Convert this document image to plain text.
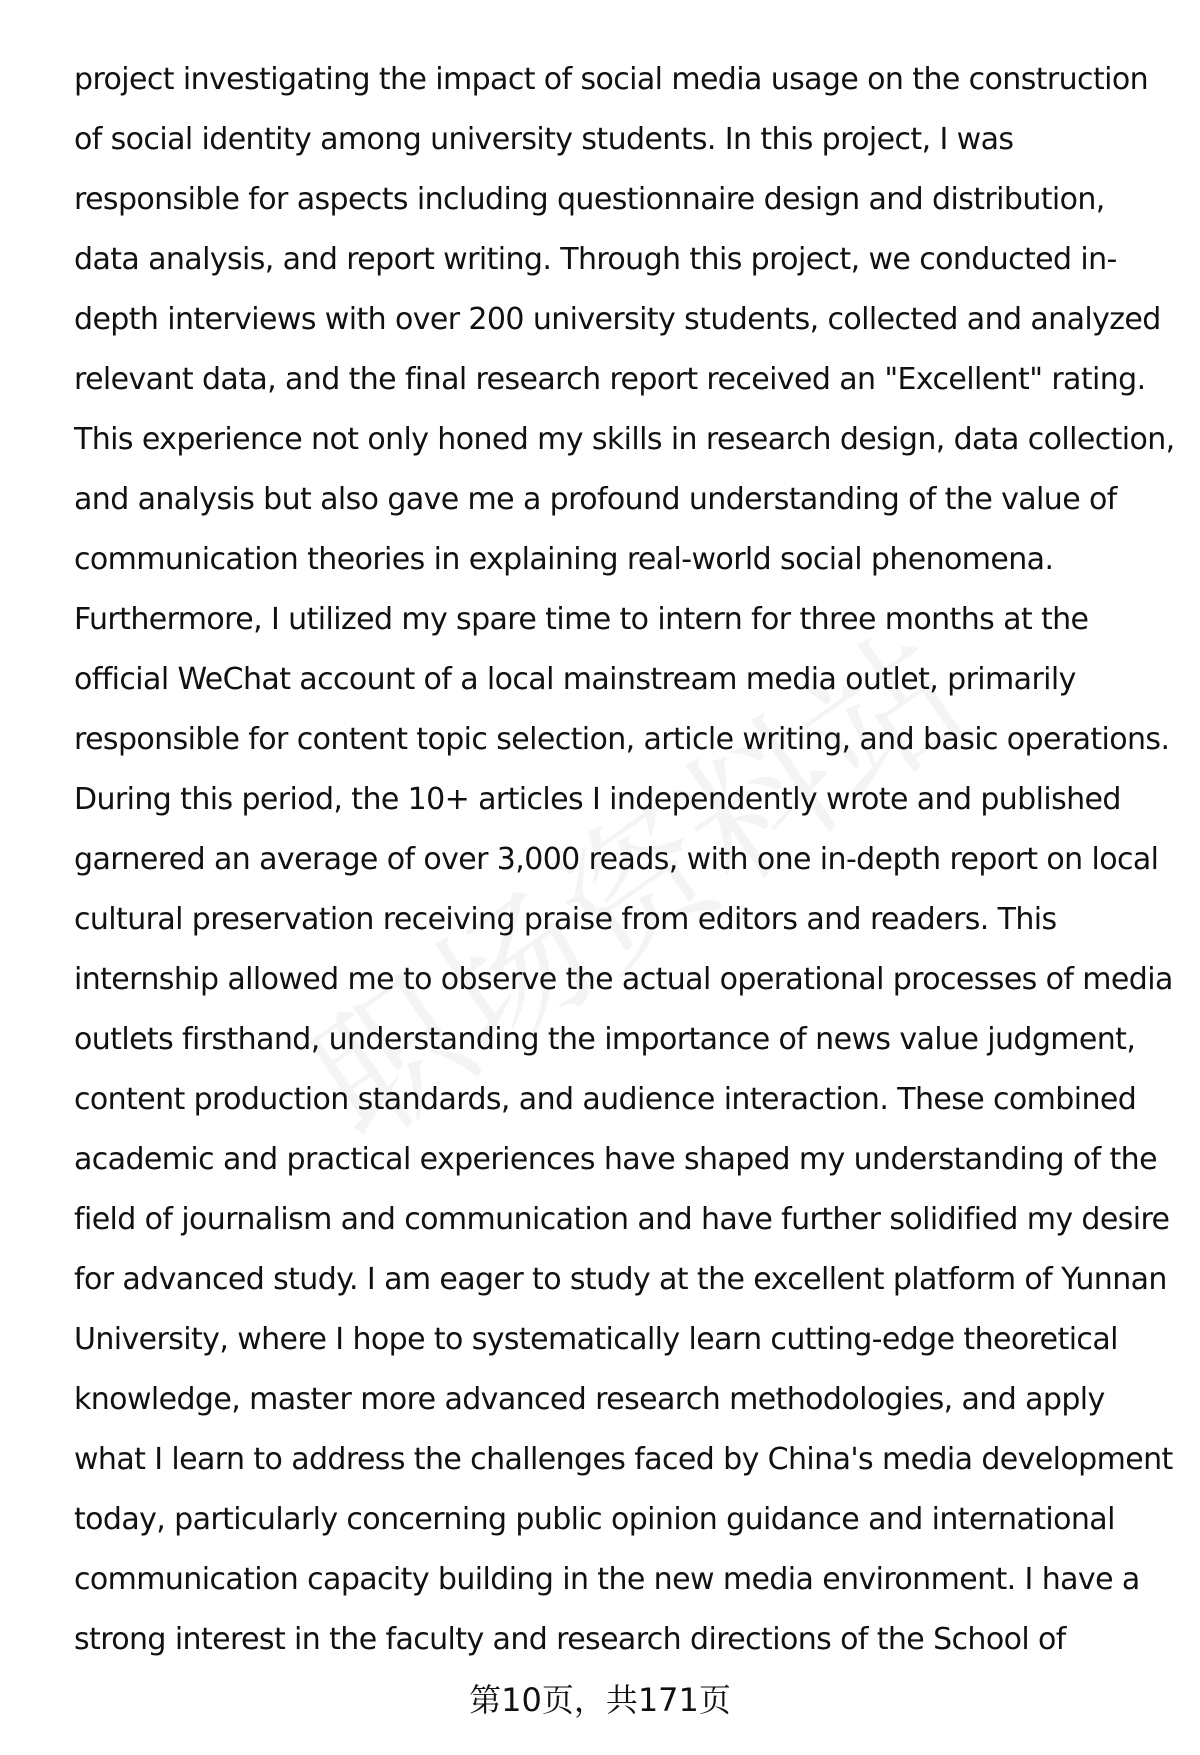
project investigating the impact of social media usage on the construction
of social identity among university students. In this project, I was
responsible for aspects including questionnaire design and distribution,
data analysis, and report writing. Through this project, we conducted in-
depth interviews with over 200 university students, collected and analyzed
relevant data, and the final research report received an "Excellent" rating.
This experience not only honed my skills in research design, data collection,
and analysis but also gave me a profound understanding of the value of
communication theories in explaining real-world social phenomena.
Furthermore, I utilized my spare time to intern for three months at the
official WeChat account of a local mainstream media outlet, primarily
responsible for content topic selection, article writing, and basic operations.
During this period, the 10+ articles I independently wrote and published
garnered an average of over 3,000 reads, with one in-depth report on local
cultural preservation receiving praise from editors and readers. This
internship allowed me to observe the actual operational processes of media
outlets firsthand, understanding the importance of news value judgment,
content production standards, and audience interaction. These combined
academic and practical experiences have shaped my understanding of the
field of journalism and communication and have further solidified my desire
for advanced study. I am eager to study at the excellent platform of Yunnan
University, where I hope to systematically learn cutting-edge theoretical
knowledge, master more advanced research methodologies, and apply
what I learn to address the challenges faced by China's media development
today, particularly concerning public opinion guidance and international
communication capacity building in the new media environment. I have a
strong interest in the faculty and research directions of the School of
第10页，共171页
